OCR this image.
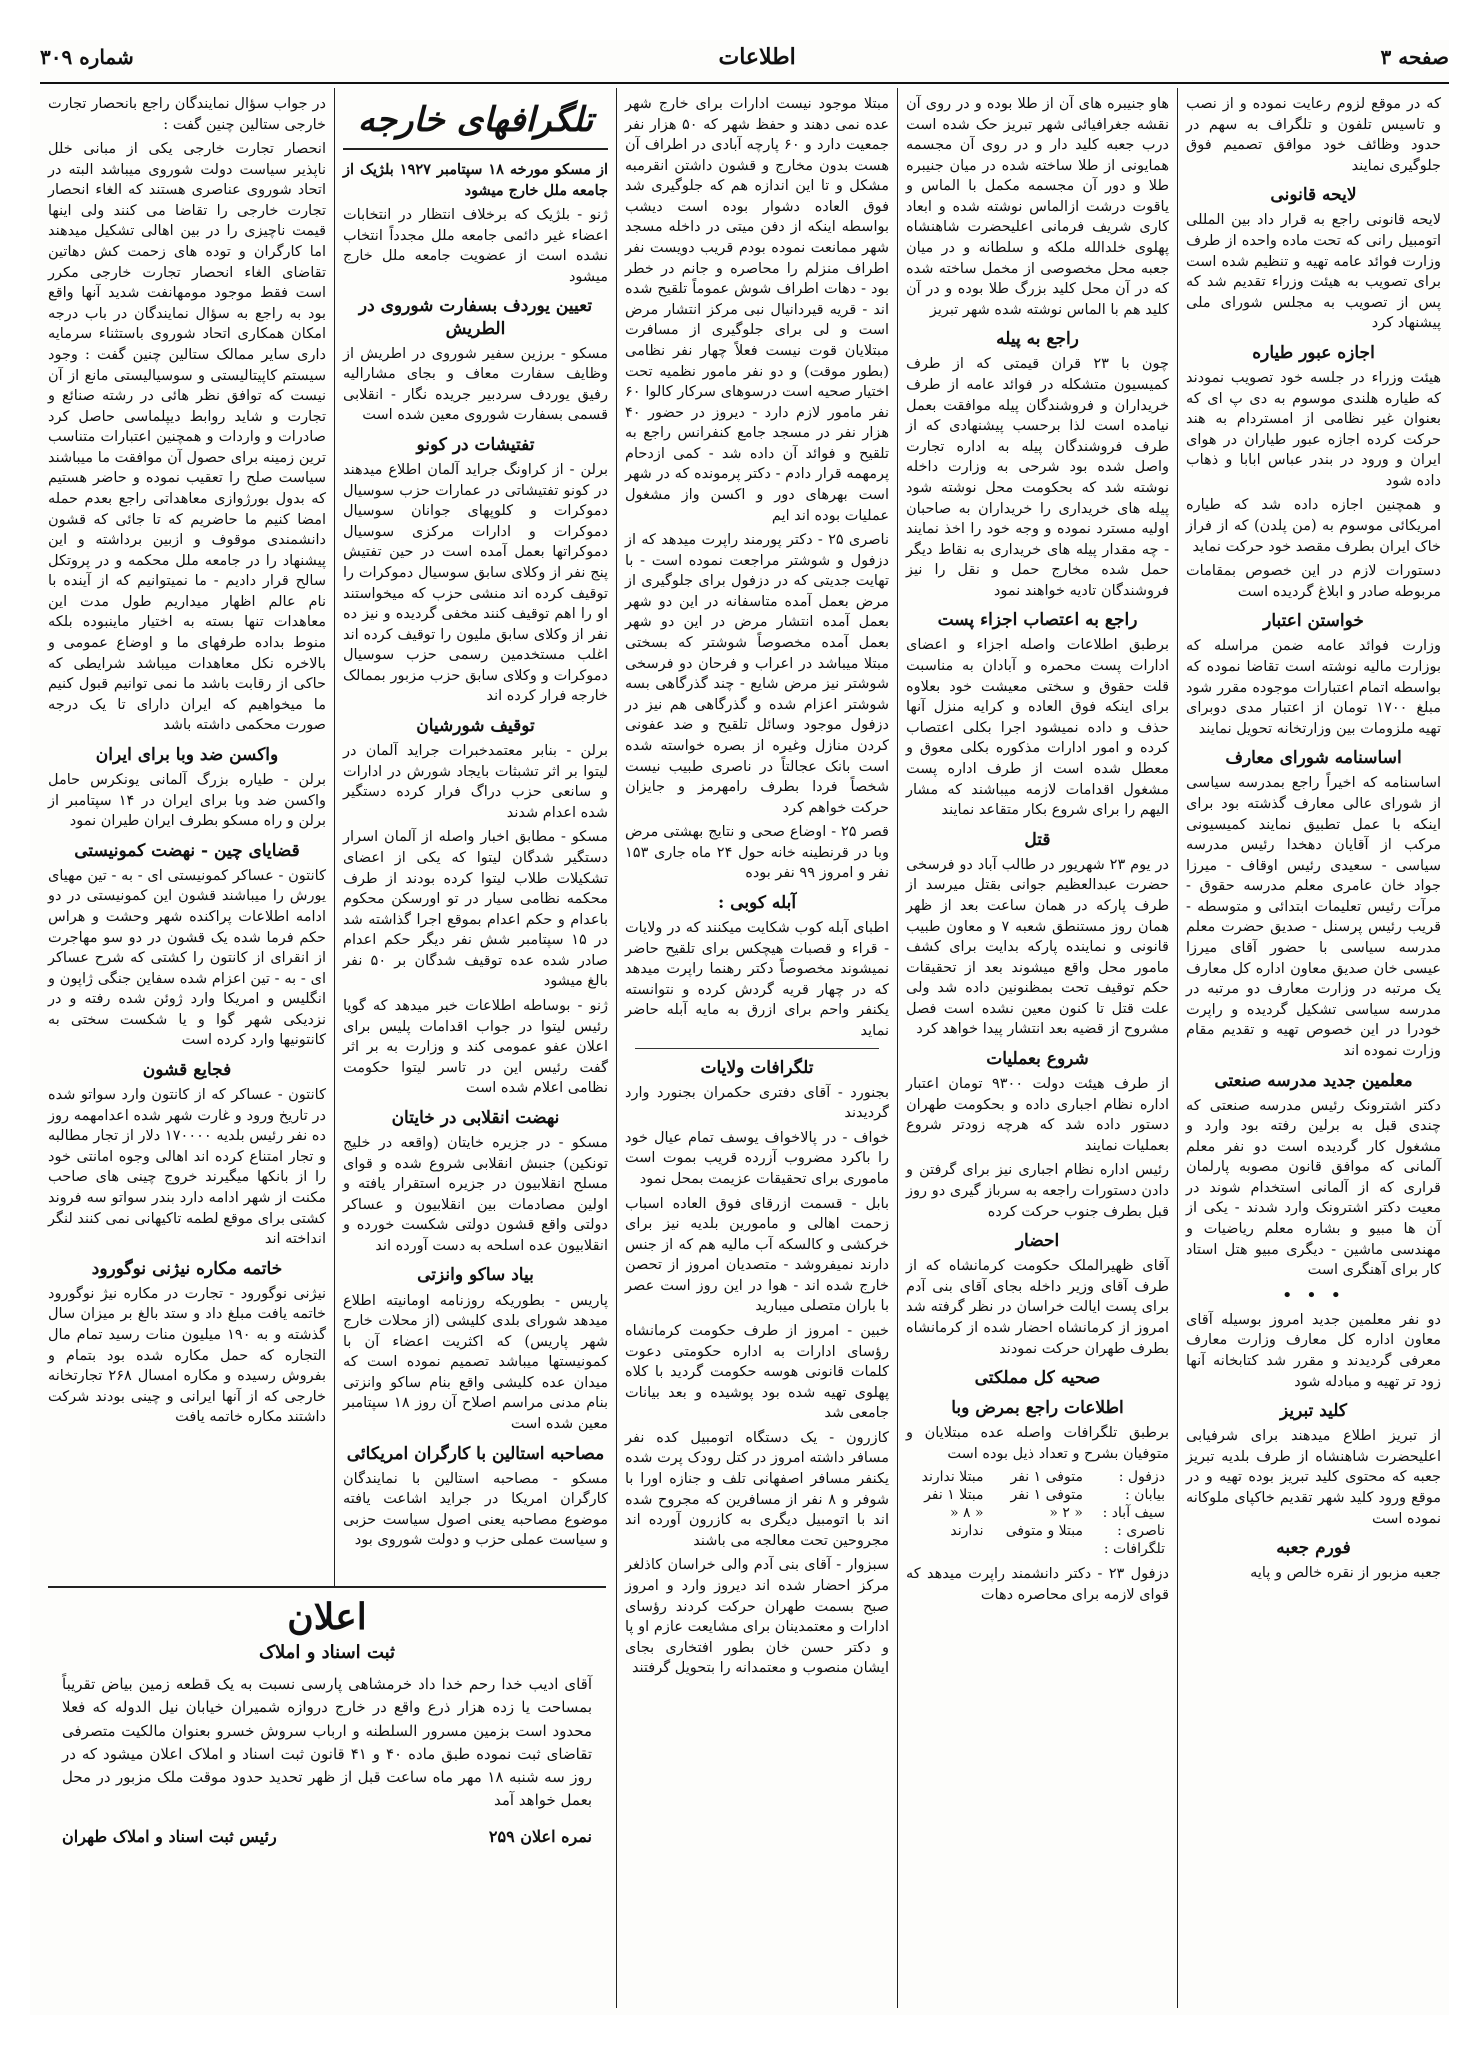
صفحه ۳
اطلاعات
شماره ۳۰۹

که در موقع لزوم رعایت نموده و از نصب و تاسیس تلفون و تلگراف به سهم در حدود وظائف خود موافق تصمیم فوق جلوگیری نمایند

لایحه قانونی

لایحه قانونی راجع به قرار داد بین المللی اتومبیل رانی که تحت ماده واحده از طرف وزارت فوائد عامه تهیه و تنظیم شده است برای تصویب به هیئت وزراء تقدیم شد که پس از تصویب به مجلس شورای ملی پیشنهاد کرد

اجازه عبور طیاره

هیئت وزراء در جلسه خود تصویب نمودند که طیاره هلندی موسوم به دی پ ای که بعنوان غیر نظامی از امستردام به هند حرکت کرده اجازه عبور طیاران در هوای ایران و ورود در بندر عباس ابابا و ذهاب داده شود

و همچنین اجازه داده شد که طیاره امریکائی موسوم به (من پلدن) که از فراز خاک ایران بطرف مقصد خود حرکت نماید

دستورات لازم در این خصوص بمقامات مربوطه صادر و ابلاغ گردیده است

خواستن اعتبار

وزارت فوائد عامه ضمن مراسله که بوزارت مالیه نوشته است تقاضا نموده که بواسطه اتمام اعتبارات موجوده مقرر شود مبلغ ۱۷۰۰ تومان از اعتبار مدی دوبرای تهیه ملزومات بین وزارتخانه تحویل نمایند

اساسنامه شورای معارف

اساسنامه که اخیراً راجع بمدرسه سیاسی از شورای عالی معارف گذشته بود برای اینکه با عمل تطبیق نمایند کمیسیونی مرکب از آقایان دهخدا رئیس مدرسه سیاسی - سعیدی رئیس اوقاف - میرزا جواد خان عامری معلم مدرسه حقوق - مرآت رئیس تعلیمات ابتدائی و متوسطه - قریب رئیس پرسنل - صدیق حضرت معلم مدرسه سیاسی با حضور آقای میرزا عیسی خان صدیق معاون اداره کل معارف یک مرتبه در وزارت معارف دو مرتبه در مدرسه سیاسی تشکیل گردیده و راپرت خودرا در این خصوص تهیه و تقدیم مقام وزارت نموده اند

معلمین جدید مدرسه صنعتی

دکتر اشترونک رئیس مدرسه صنعتی که چندی قبل به برلین رفته بود وارد و مشغول کار گردیده است دو نفر معلم آلمانی که موافق قانون مصوبه پارلمان قراری که از آلمانی استخدام شوند در معیت دکتر اشترونک وارد شدند - یکی از آن ها مبیو و بشاره معلم ریاضیات و مهندسی ماشین - دیگری مبیو هتل استاد کار برای آهنگری است

• • •

دو نفر معلمین جدید امروز بوسیله آقای معاون اداره کل معارف وزارت معارف معرفی گردیدند و مقرر شد کتابخانه آنها زود تر تهیه و مبادله شود

کلید تبریز

از تبریز اطلاع میدهند برای شرفیابی اعلیحضرت شاهنشاه از طرف بلدیه تبریز جعبه که محتوی کلید تبریز بوده تهیه و در موقع ورود کلید شهر تقدیم خاکپای ملوکانه نموده است

فورم جعبه

جعبه مزبور از نقره خالص و پایه

هاو جنیبره های آن از طلا بوده و در روی آن نقشه جغرافیائی شهر تبریز حک شده است درب جعبه کلید دار و در روی آن مجسمه همایونی از طلا ساخته شده در میان جنیبره طلا و دور آن مجسمه مکمل با الماس و یاقوت درشت ازالماس نوشته شده و ابعاد کاری شریف فرمانی اعلیحضرت شاهنشاه پهلوی خلدالله ملکه و سلطانه و در میان جعبه محل مخصوصی از مخمل ساخته شده که در آن محل کلید بزرگ طلا بوده و در آن کلید هم با الماس نوشته شده شهر تبریز

راجع به پیله

چون با ۲۳ قران قیمتی که از طرف کمیسیون متشکله در فوائد عامه از طرف خریداران و فروشندگان پیله موافقت بعمل نیامده است لذا برحسب پیشنهادی که از طرف فروشندگان پیله به اداره تجارت واصل شده بود شرحی به وزارت داخله نوشته شد که بحکومت محل نوشته شود پیله های خریداری را خریداران به صاحبان اولیه مسترد نموده و وجه خود را اخذ نمایند - چه مقدار پیله های خریداری به نقاط دیگر حمل شده مخارج حمل و نقل را نیز فروشندگان تادیه خواهند نمود

راجع به اعتصاب اجزاء پست

برطبق اطلاعات واصله اجزاء و اعضای ادارات پست محمره و آبادان به مناسبت قلت حقوق و سختی معیشت خود بعلاوه برای اینکه فوق العاده و کرایه منزل آنها حذف و داده نمیشود اجرا بکلی اعتصاب کرده و امور ادارات مذکوره بکلی معوق و معطل شده است از طرف اداره پست مشغول اقدامات لازمه میباشند که مشار الیهم را برای شروع بکار متقاعد نمایند

قتل

در یوم ۲۳ شهریور در طالب آباد دو فرسخی حضرت عبدالعظیم جوانی بقتل میرسد از طرف پارکه در همان ساعت بعد از ظهر همان روز مستنطق شعبه ۷ و معاون طبیب قانونی و نماینده پارکه بدایت برای کشف مامور محل واقع میشوند بعد از تحقیقات حکم توقیف تحت بمظنونین داده شد ولی علت قتل تا کنون معین نشده است فصل مشروح از قضیه بعد انتشار پیدا خواهد کرد

شروع بعملیات

از طرف هیئت دولت ۹۳۰۰ تومان اعتبار اداره نظام اجباری داده و بحکومت طهران دستور داده شد که هرچه زودتر شروع بعملیات نمایند

رئیس اداره نظام اجباری نیز برای گرفتن و دادن دستورات راجعه به سرباز گیری دو روز قبل بطرف جنوب حرکت کرده

احضار

آقای ظهیرالملک حکومت کرمانشاه که از طرف آقای وزیر داخله بجای آقای بنی آدم برای پست ایالت خراسان در نظر گرفته شد امروز از کرمانشاه احضار شده از کرمانشاه بطرف طهران حرکت نمودند

صحیه کل مملکتی
اطلاعات راجع بمرض وبا

برطبق تلگرافات واصله عده مبتلایان و متوفیان بشرح و تعداد ذیل بوده است

دزفول :	متوفی ۱ نفر	مبتلا ندارند
بیابان :	متوفی ۱ نفر	مبتلا ۱ نفر
سیف آباد :	« ۲ «	« ۸ «
ناصری :	مبتلا و متوفی	ندارند
تلگرافات :		

دزفول ۲۳ - دکتر دانشمند راپرت میدهد که قوای لازمه برای محاصره دهات

مبتلا موجود نیست ادارات برای خارج شهر عده نمی دهند و حفظ شهر که ۵۰ هزار نفر جمعیت دارد و ۶۰ پارچه آبادی در اطراف آن هست بدون مخارج و قشون داشتن انقرمبه مشکل و تا این اندازه هم که جلوگیری شد فوق العاده دشوار بوده است دیشب بواسطه اینکه از دفن میتی در داخله مسجد شهر ممانعت نموده بودم قریب دویست نفر اطراف منزلم را محاصره و جانم در خطر بود - دهات اطراف شوش عموماً تلقیح شده اند - قریه قیردانیال نبی مرکز انتشار مرض است و لی برای جلوگیری از مسافرت مبتلایان قوت نیست فعلاً چهار نفر نظامی (بطور موقت) و دو نفر مامور نظمیه تحت اختیار صحیه است درسوهای سرکار کالوا ۶۰ نفر مامور لازم دارد - دیروز در حضور ۴۰ هزار نفر در مسجد جامع کنفرانس راجع به تلقیح و فوائد آن داده شد - کمی ازدحام پرمهمه قرار دادم - دکتر پرمونده که در شهر است بهرهای دور و اکسن واز مشغول عملیات بوده اند ایم

ناصری ۲۵ - دکتر پورمند راپرت میدهد که از دزفول و شوشتر مراجعت نموده است - با تهایت جدیتی که در دزفول برای جلوگیری از مرض بعمل آمده متاسفانه در این دو شهر بعمل آمده انتشار مرض در این دو شهر بعمل آمده مخصوصاً شوشتر که بسختی مبتلا میباشد در اعراب و فرحان دو فرسخی شوشتر نیز مرض شایع - چند گذرگاهی بسه شوشتر اعزام شده و گذرگاهی هم نیز در دزفول موجود وسائل تلقیح و ضد عفونی کردن منازل وغیره از بصره خواسته شده است بانک عجالتاً در ناصری طبیب نیست شخصاً فردا بطرف رامهرمز و جایزان حرکت خواهم کرد

قصر ۲۵ - اوضاع صحی و نتایج بهشتی مرض وبا در قرنطینه خانه حول ۲۴ ماه جاری ۱۵۳ نفر و امروز ۹۹ نفر بوده

آبله کوبی :

اطبای آبله کوب شکایت میکنند که در ولایات - قراء و قصبات هیچکس برای تلقیح حاضر نمیشوند مخصوصاً دکتر رهنما راپرت میدهد که در چهار قریه گردش کرده و نتوانسته یکنفر واحم برای ازرق به مایه آبله حاضر نماید

تلگرافات ولایات

بجنورد - آقای دفتری حکمران بجنورد وارد گردیدند

خواف - در پالاخواف یوسف تمام عیال خود را باکرد مضروب آزرده قریب بموت است ماموری برای تحقیقات عزیمت بمحل نمود

بابل - قسمت ازرقای فوق العاده اسباب زحمت اهالی و مامورین بلدیه نیز برای خرکشی و کالسکه آب مالیه هم که از جنس دارند نمیفروشد - متصدیان امروز از تحصن خارج شده اند - هوا در این روز است عصر با باران متصلی میبارید

خبین - امروز از طرف حکومت کرمانشاه رؤسای ادارات به اداره حکومتی دعوت کلمات قانونی هوسه حکومت گردید با کلاه پهلوی تهیه شده بود پوشیده و بعد بیانات جامعی شد

کازرون - یک دستگاه اتومبیل کده نفر مسافر داشته امروز در کتل رودک پرت شده یکنفر مسافر اصفهانی تلف و جنازه اورا با شوفر و ۸ نفر از مسافرین که مجروح شده اند با اتومبیل دیگری به کازرون آورده اند مجروحین تحت معالجه می باشند

سبزوار - آقای بنی آدم والی خراسان کاذلغر مرکز احضار شده اند دیروز وارد و امروز صبح بسمت طهران حرکت کردند رؤسای ادارات و معتمدینان برای مشایعت عازم او پا و دکتر حسن خان بطور افتخاری بجای ایشان منصوب و معتمدانه را بتحویل گرفتند

تلگرافهای خارجه

از مسکو مورخه ۱۸ سپتامبر ۱۹۲۷ بلژیک از جامعه ملل خارج میشود

ژنو - بلژیک که برخلاف انتظار در انتخابات اعضاء غیر دائمی جامعه ملل مجدداً انتخاب نشده است از عضویت جامعه ملل خارج میشود

تعیین یوردف بسفارت شوروی در الطریش

مسکو - برزین سفیر شوروی در اطریش از وظایف سفارت معاف و بجای مشارالیه رفیق یوردف سردبیر جریده نگار - انقلابی قسمی بسفارت شوروی معین شده است

تفتیشات در کونو

برلن - از کراونگ جراید آلمان اطلاع میدهند در کونو تفتیشاتی در عمارات حزب سوسیال دموکرات و کلوپهای جوانان سوسیال دموکرات و ادارات مرکزی سوسیال دموکراتها بعمل آمده است در حین تفتیش پنج نفر از وکلای سابق سوسیال دموکرات را توقیف کرده اند منشی حزب که میخواستند او را اهم توقیف کنند مخفی گردیده و نیز ده نفر از وکلای سابق ملیون را توقیف کرده اند اغلب مستخدمین رسمی حزب سوسیال دموکرات و وکلای سابق حزب مزبور بممالک خارجه فرار کرده اند

توقیف شورشیان

برلن - بنابر معتمدخبرات جراید آلمان در لیتوا بر اثر تشبثات بایجاد شورش در ادارات و سانعی حزب دراگ فرار کرده دستگیر شده اعدام شدند

مسکو - مطابق اخبار واصله از آلمان اسرار دستگیر شدگان لیتوا که یکی از اعضای تشکیلات طلاب لیتوا کرده بودند از طرف محکمه نظامی سیار در تو اورسکن محکوم باعدام و حکم اعدام بموقع اجرا گذاشته شد در ۱۵ سپتامبر شش نفر دیگر حکم اعدام صادر شده عده توقیف شدگان بر ۵۰ نفر بالغ میشود

ژنو - بوساطه اطلاعات خبر میدهد که گویا رئیس لیتوا در جواب اقدامات پلیس برای اعلان عفو عمومی کند و وزارت به بر اثر گفت رئیس این در تاسر لیتوا حکومت نظامی اعلام شده است

نهضت انقلابی در خایتان

مسکو - در جزیره خایتان (واقعه در خلیج تونکین) جنبش انقلابی شروع شده و قوای مسلح انقلابیون در جزیره استقرار یافته و اولین مصادمات بین انقلابیون و عساکر دولتی واقع قشون دولتی شکست خورده و انقلابیون عده اسلحه به دست آورده اند

بیاد ساکو وانزتی

پاریس - بطوریکه روزنامه اومانیته اطلاع میدهد شورای بلدی کلیشی (از محلات خارج شهر پاریس) که اکثریت اعضاء آن با کمونیستها میباشد تصمیم نموده است که میدان عده کلیشی واقع بنام ساکو وانزتی بنام مدنی مراسم اصلاح آن روز ۱۸ سپتامبر معین شده است

مصاحبه استالین با کارگران امریکائی

مسکو - مصاحبه استالین با نمایندگان کارگران امریکا در جراید اشاعت یافته موضوع مصاحبه یعنی اصول سیاست حزبی و سیاست عملی حزب و دولت شوروی بود

در جواب سؤال نمایندگان راجع بانحصار تجارت خارجی ستالین چنین گفت :

انحصار تجارت خارجی یکی از مبانی خلل ناپذیر سیاست دولت شوروی میباشد البته در اتحاد شوروی عناصری هستند که الغاء انحصار تجارت خارجی را تقاضا می کنند ولی اینها قیمت ناچیزی را در بین اهالی تشکیل میدهند اما کارگران و توده های زحمت کش دهاتین تقاضای الغاء انحصار تجارت خارجی مکرر است فقط موجود مومهانفت شدید آنها واقع بود به راجع به سؤال نمایندگان در باب درجه امکان همکاری اتحاد شوروی باستثناء سرمایه داری سایر ممالک ستالین چنین گفت : وجود سیستم کاپیتالیستی و سوسیالیستی مانع از آن نیست که توافق نظر هائی در رشته صنائع و تجارت و شاید روابط دیپلماسی حاصل کرد صادرات و واردات و همچنین اعتبارات متناسب ترین زمینه برای حصول آن موافقت ما میباشند سیاست صلح را تعقیب نموده و حاضر هستیم که بدول بورژوازی معاهداتی راجع بعدم حمله امضا کنیم ما حاضریم که تا جائی که قشون دانشمندی موقوف و ازبین برداشته و این پیشنهاد را در جامعه ملل محکمه و در پروتکل سالح قرار دادیم - ما نمیتوانیم که از آینده با نام عالم اظهار میداریم طول مدت این معاهدات تنها بسته به اختیار ماینبوده بلکه منوط بداده طرفهای ما و اوضاع عمومی و بالاخره نکل معاهدات میباشد شرایطی که حاکی از رقابت باشد ما نمی توانیم قبول کنیم ما میخواهیم که ایران دارای تا یک درجه صورت محکمی داشته باشد

واکسن ضد وبا برای ایران

برلن - طیاره بزرگ آلمانی یونکرس حامل واکسن ضد وبا برای ایران در ۱۴ سپتامبر از برلن و راه مسکو بطرف ایران طیران نمود

قضایای چین - نهضت کمونیستی

کانتون - عساکر کمونیستی ای - به - تین مهیای یورش را میباشند قشون این کمونیستی در دو ادامه اطلاعات پراکنده شهر وحشت و هراس حکم فرما شده یک قشون در دو سو مهاجرت از انقرای از کانتون را کشتی که شرح عساکر ای - به - تین اعزام شده سفاین جنگی ژاپون و انگلیس و امریکا وارد ژوئن شده رفته و در نزدیکی شهر گوا و یا شکست سختی به کانتونیها وارد کرده است

فجایع قشون

کانتون - عساکر که از کانتون وارد سواتو شده در تاریخ ورود و غارت شهر شده اعدامهمه روز ده نفر رئیس بلدیه ۱۷۰۰۰۰ دلار از تجار مطالبه و تجار امتناع کرده اند اهالی وجوه امانتی خود را از بانکها میگیرند خروج چینی های صاحب مکنت از شهر ادامه دارد بندر سواتو سه فروند کشتی برای موقع لطمه تاکیهانی نمی کنند لنگر انداخته اند

خاتمه مکاره نیژنی نوگورود

نیژنی نوگورود - تجارت در مکاره نیژ نوگورود خاتمه یافت مبلغ داد و ستد بالغ بر میزان سال گذشته و به ۱۹۰ میلیون منات رسید تمام مال التجاره که حمل مکاره شده بود بتمام و بفروش رسیده و مکاره امسال ۲۶۸ تجارتخانه خارجی که از آنها ایرانی و چینی بودند شرکت داشتند مکاره خاتمه یافت

اعلان
ثبت اسناد و املاک
آقای ادیب خدا رحم خدا داد خرمشاهی پارسی نسبت به یک قطعه زمین بیاض تقریباً بمساحت یا زده هزار ذرع واقع در خارج دروازه شمیران خیابان نیل الدوله که فعلا محدود است بزمین مسرور السلطنه و ارباب سروش خسرو بعنوان مالکیت متصرفی تقاضای ثبت نموده طبق ماده ۴۰ و ۴۱ قانون ثبت اسناد و املاک اعلان میشود که در روز سه شنبه ۱۸ مهر ماه ساعت قبل از ظهر تحدید حدود موقت ملک مزبور در محل بعمل خواهد آمد
نمره اعلان ۲۵۹
رئیس ثبت اسناد و املاک طهران
